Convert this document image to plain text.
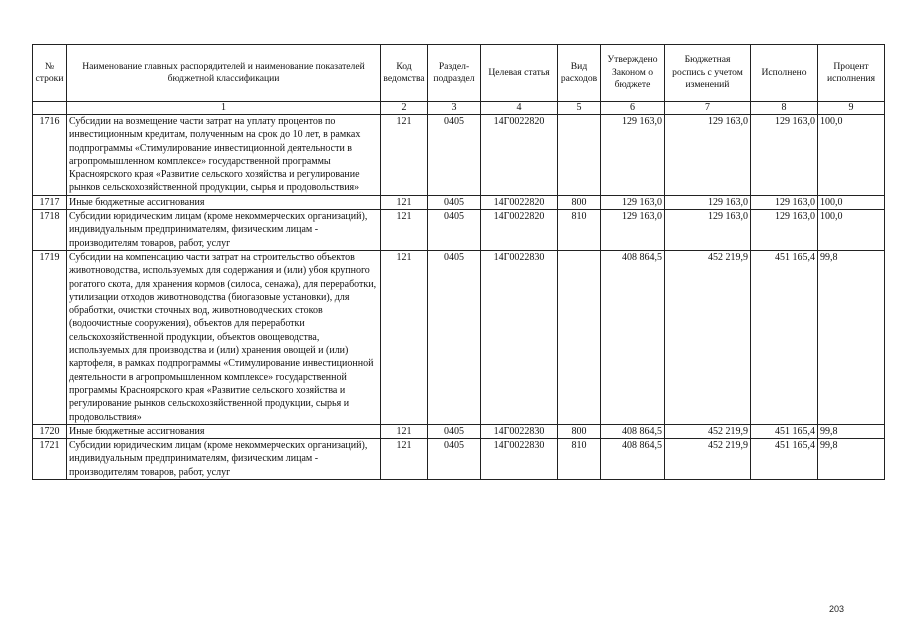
№ строки	Наименование главных распорядителей и наименование показателей бюджетной классификации	Код ведомства	Раздел-подраздел	Целевая статья	Вид расходов	Утверждено Законом о бюджете	Бюджетная роспись с учетом изменений	Исполнено	Процент исполнения
	1	2	3	4	5	6	7	8	9
1716	Субсидии на возмещение части затрат на уплату процентов по инвестиционным кредитам, полученным на срок до 10 лет, в рамках подпрограммы «Стимулирование инвестиционной деятельности в агропромышленном комплексе» государственной программы Красноярского края «Развитие сельского хозяйства и регулирование рынков сельскохозяйственной продукции, сырья и продовольствия»	121	0405	14Г0022820		129 163,0	129 163,0	129 163,0	100,0
1717	Иные бюджетные ассигнования	121	0405	14Г0022820	800	129 163,0	129 163,0	129 163,0	100,0
1718	Субсидии юридическим лицам (кроме некоммерческих организаций), индивидуальным предпринимателям, физическим лицам - производителям товаров, работ, услуг	121	0405	14Г0022820	810	129 163,0	129 163,0	129 163,0	100,0
1719	Субсидии на компенсацию части затрат на строительство объектов животноводства, используемых для содержания и (или) убоя крупного рогатого скота, для хранения кормов (силоса, сенажа), для переработки, утилизации отходов животноводства (биогазовые установки), для обработки, очистки сточных вод, животноводческих стоков (водоочистные сооружения), объектов для переработки сельскохозяйственной продукции, объектов овощеводства, используемых для производства и (или) хранения овощей и (или) картофеля, в рамках подпрограммы «Стимулирование инвестиционной деятельности в агропромышленном комплексе» государственной программы Красноярского края «Развитие сельского хозяйства и регулирование рынков сельскохозяйственной продукции, сырья и продовольствия»	121	0405	14Г0022830		408 864,5	452 219,9	451 165,4	99,8
1720	Иные бюджетные ассигнования	121	0405	14Г0022830	800	408 864,5	452 219,9	451 165,4	99,8
1721	Субсидии юридическим лицам (кроме некоммерческих организаций), индивидуальным предпринимателям, физическим лицам - производителям товаров, работ, услуг	121	0405	14Г0022830	810	408 864,5	452 219,9	451 165,4	99,8
203
